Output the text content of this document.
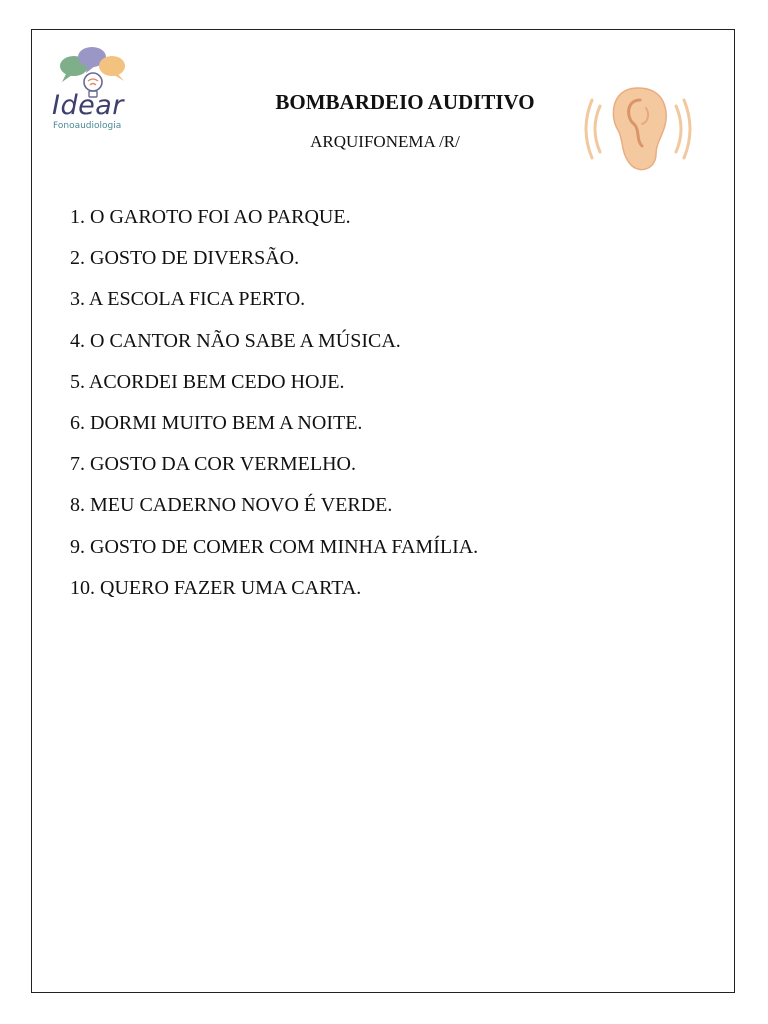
Idear
Fonoaudiologia
BOMBARDEIO AUDITIVO
ARQUIFONEMA /R/
1. O GAROTO FOI AO PARQUE.
2. GOSTO DE DIVERSÃO.
3. A ESCOLA FICA PERTO.
4. O CANTOR NÃO SABE A MÚSICA.
5. ACORDEI BEM CEDO HOJE.
6. DORMI MUITO BEM A NOITE.
7. GOSTO DA COR VERMELHO.
8. MEU CADERNO NOVO É VERDE.
9. GOSTO DE COMER COM MINHA FAMÍLIA.
10. QUERO FAZER UMA CARTA.
